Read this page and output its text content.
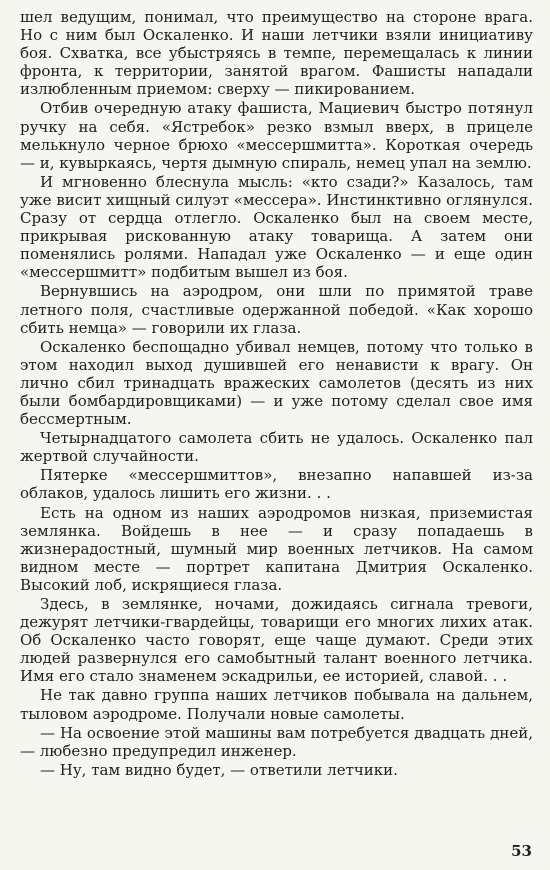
шел ведущим, понимал, что преимущество на стороне врага. Но с ним был Оскаленко. И наши летчики взяли инициативу боя. Схватка, все убыстряясь в темпе, перемещалась к линии фронта, к территории, занятой врагом. Фашисты нападали излюбленным приемом: сверху — пикированием.

Отбив очередную атаку фашиста, Мациевич быстро потянул ручку на себя. «Ястребок» резко взмыл вверх, в прицеле мелькнуло черное брюхо «мессершмитта». Короткая очередь — и, кувыркаясь, чертя дымную спираль, немец упал на землю.

И мгновенно блеснула мысль: «кто сзади?» Казалось, там уже висит хищный силуэт «мессера». Инстинктивно оглянулся. Сразу от сердца отлегло. Оскаленко был на своем месте, прикрывая рискованную атаку товарища. А затем они поменялись ролями. Нападал уже Оскаленко — и еще один «мессершмитт» подбитым вышел из боя.

Вернувшись на аэродром, они шли по примятой траве летного поля, счастливые одержанной победой. «Как хорошо сбить немца» — говорили их глаза.

Оскаленко беспощадно убивал немцев, потому что только в этом находил выход душившей его ненависти к врагу. Он лично сбил тринадцать вражеских самолетов (десять из них были бомбардировщиками) — и уже потому сделал свое имя бессмертным.

Четырнадцатого самолета сбить не удалось. Оскаленко пал жертвой случайности.

Пятерке «мессершмиттов», внезапно напавшей из-за облаков, удалось лишить его жизни. . .

Есть на одном из наших аэродромов низкая, приземистая землянка. Войдешь в нее — и сразу попадаешь в жизнерадостный, шумный мир военных летчиков. На самом видном месте — портрет капитана Дмитрия Оскаленко. Высокий лоб, искрящиеся глаза.

Здесь, в землянке, ночами, дожидаясь сигнала тревоги, дежурят летчики-гвардейцы, товарищи его многих лихих атак. Об Оскаленко часто говорят, еще чаще думают. Среди этих людей развернулся его самобытный талант военного летчика. Имя его стало знаменем эскадрильи, ее историей, славой. . .

Не так давно группа наших летчиков побывала на дальнем, тыловом аэродроме. Получали новые самолеты.

— На освоение этой машины вам потребуется двадцать дней, — любезно предупредил инженер.

— Ну, там видно будет, — ответили летчики.

53
